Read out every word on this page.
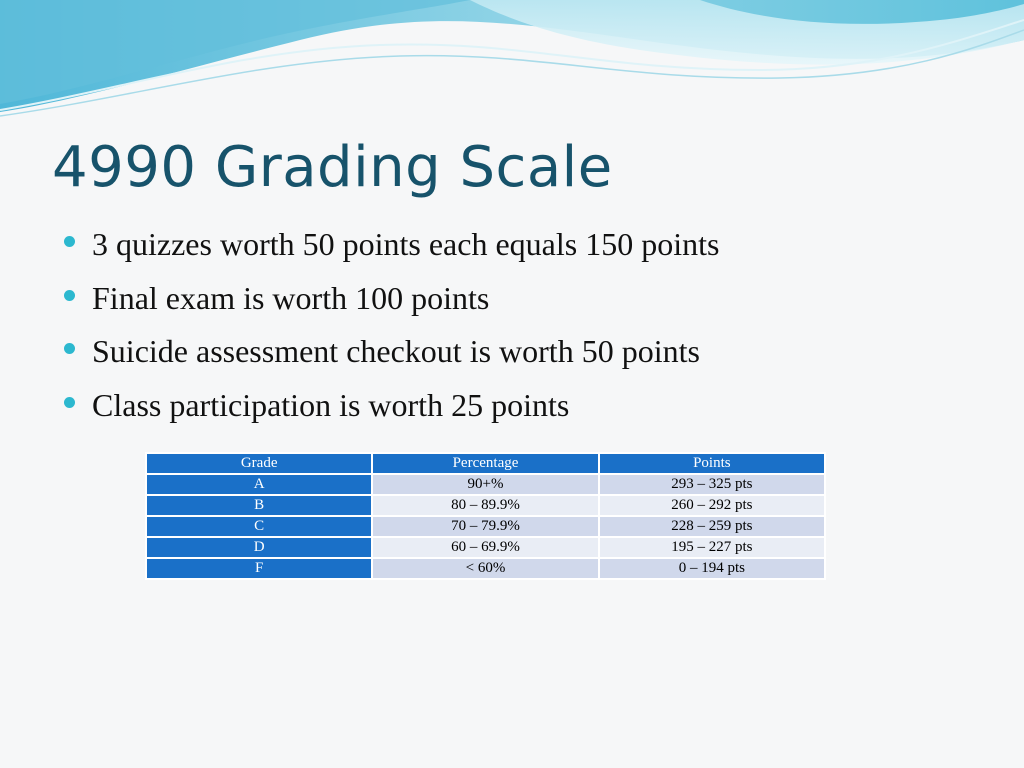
4990 Grading Scale
3 quizzes worth 50 points each equals 150 points
Final exam is worth 100 points
Suicide assessment checkout is worth 50 points
Class participation is worth 25 points
Grade	Percentage	Points
A	90+%	293 – 325 pts
B	80 – 89.9%	260 – 292 pts
C	70 – 79.9%	228 – 259 pts
D	60 – 69.9%	195 – 227 pts
F	< 60%	0 – 194 pts
